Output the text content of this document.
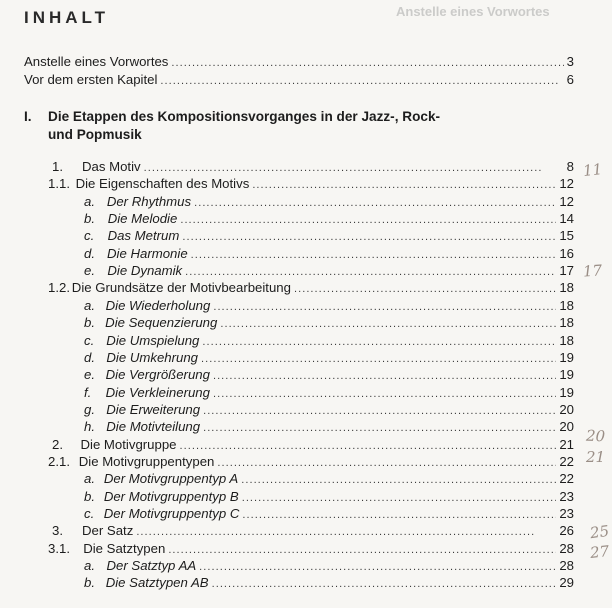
Anstelle eines Vorwortes
INHALT
Anstelle eines Vorwortes . . .	3
Vor dem ersten Kapitel . . .	6
I. Die Etappen des Kompositionsvorganges in der Jazz-, Rock-
und Popmusik
1.	Das Motiv . . .	8
1.1. Die Eigenschaften des Motivs . . .	12
a. Der Rhythmus . . .	12
b. Die Melodie . . .	14
c.	Das Metrum . . .	15
d. Die Harmonie . . .	16
e. Die Dynamik . . .	17
1.2. Die Grundsätze der Motivbearbeitung . . .	18
a. Die Wiederholung . . .	18
b. Die Sequenzierung . . .	18
c. Die Umspielung . . .	18
d. Die Umkehrung . . .	19
e. Die Vergrößerung . . .	19
f.	Die Verkleinerung . . .	19
g. Die Erweiterung . . .	20
h. Die Motivteilung . . .	20
2.	Die Motivgruppe . . .	21
2.1. Die Motivgruppentypen . . .	22
a. Der Motivgruppentyp A . . .	22
b. Der Motivgruppentyp B . . .	23
c. Der Motivgruppentyp C . . .	23
3.	Der Satz . . .	26
3.1.	Die Satztypen . . .	28
a. Der Satztyp AA . . .	28
b. Die Satztypen AB . . .	29
11
17
20
21
25
27
